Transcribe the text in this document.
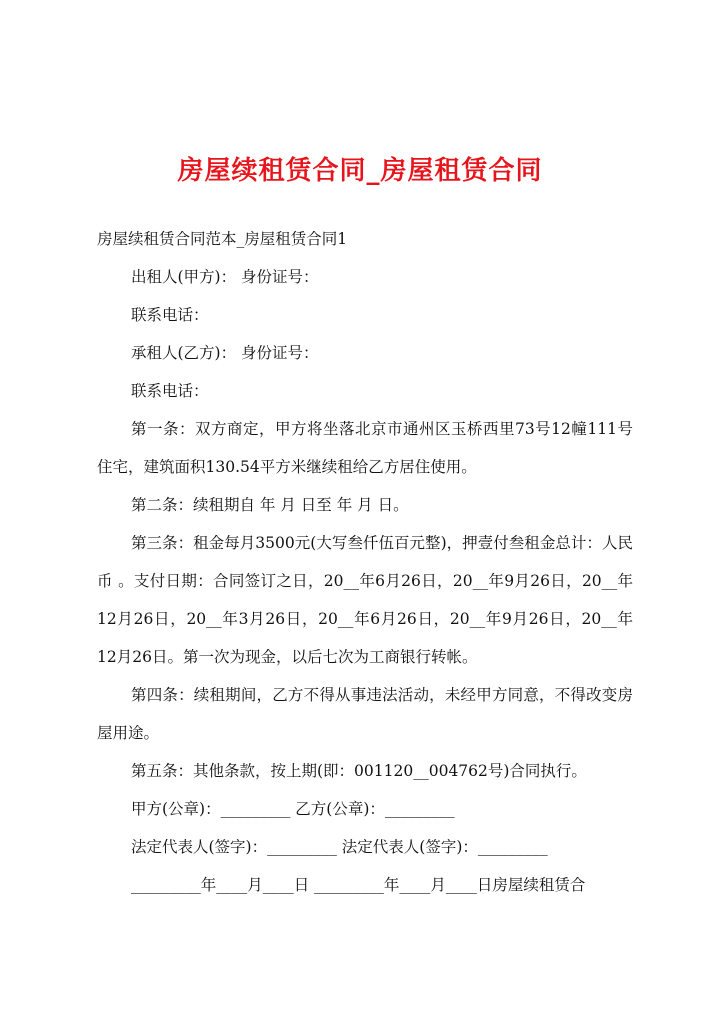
房屋续租赁合同_房屋租赁合同

房屋续租赁合同范本_房屋租赁合同1

出租人(甲方)： 身份证号：

联系电话：

承租人(乙方)： 身份证号：

联系电话：

第一条：双方商定，甲方将坐落北京市通州区玉桥西里73号12幢111号住宅，建筑面积130.54平方米继续租给乙方居住使用。

第二条：续租期自 年 月 日至 年 月 日。

第三条：租金每月3500元(大写叁仟伍百元整)，押壹付叁租金总计：人民币 。支付日期：合同签订之日，20__年6月26日，20__年9月26日，20__年12月26日，20__年3月26日，20__年6月26日，20__年9月26日，20__年12月26日。第一次为现金，以后七次为工商银行转帐。

第四条：续租期间，乙方不得从事违法活动，未经甲方同意，不得改变房屋用途。

第五条：其他条款，按上期(即：001120__004762号)合同执行。

甲方(公章)：_________ 乙方(公章)：_________

法定代表人(签字)：_________ 法定代表人(签字)：_________

_________年____月____日 _________年____月____日房屋续租赁合
